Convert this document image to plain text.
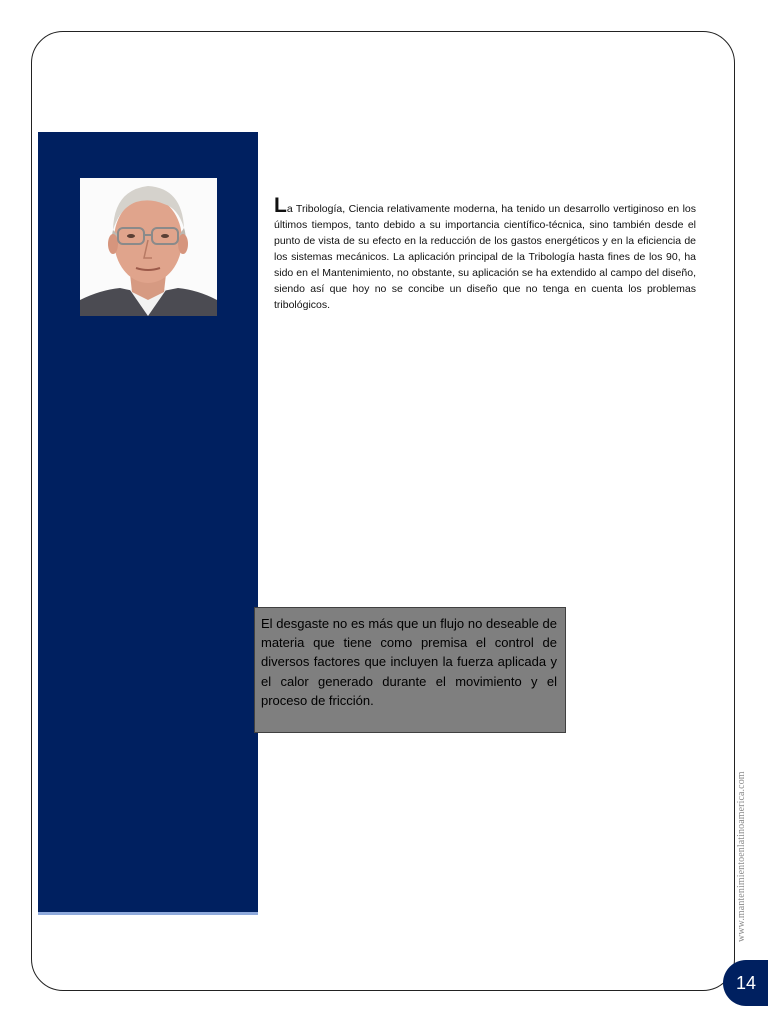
La Tribología, Ciencia relativamente moderna, ha tenido un desarrollo vertiginoso en los últimos tiempos, tanto debido a su importancia científico-técnica, sino también desde el punto de vista de su efecto en la reducción de los gastos energéticos y en la eficiencia de los sistemas mecánicos. La aplicación principal de la Tribología hasta fines de los 90, ha sido en el Mantenimiento, no obstante, su aplicación se ha extendido al campo del diseño, siendo así que hoy no se concibe un diseño que no tenga en cuenta los problemas tribológicos.
El desgaste no es más que un flujo no deseable de materia que tiene como premisa el control de diversos factores que incluyen la fuerza aplicada y el calor generado durante el movimiento y el proceso de fricción.
www.mantenimientoenlatinoamerica.com
14
